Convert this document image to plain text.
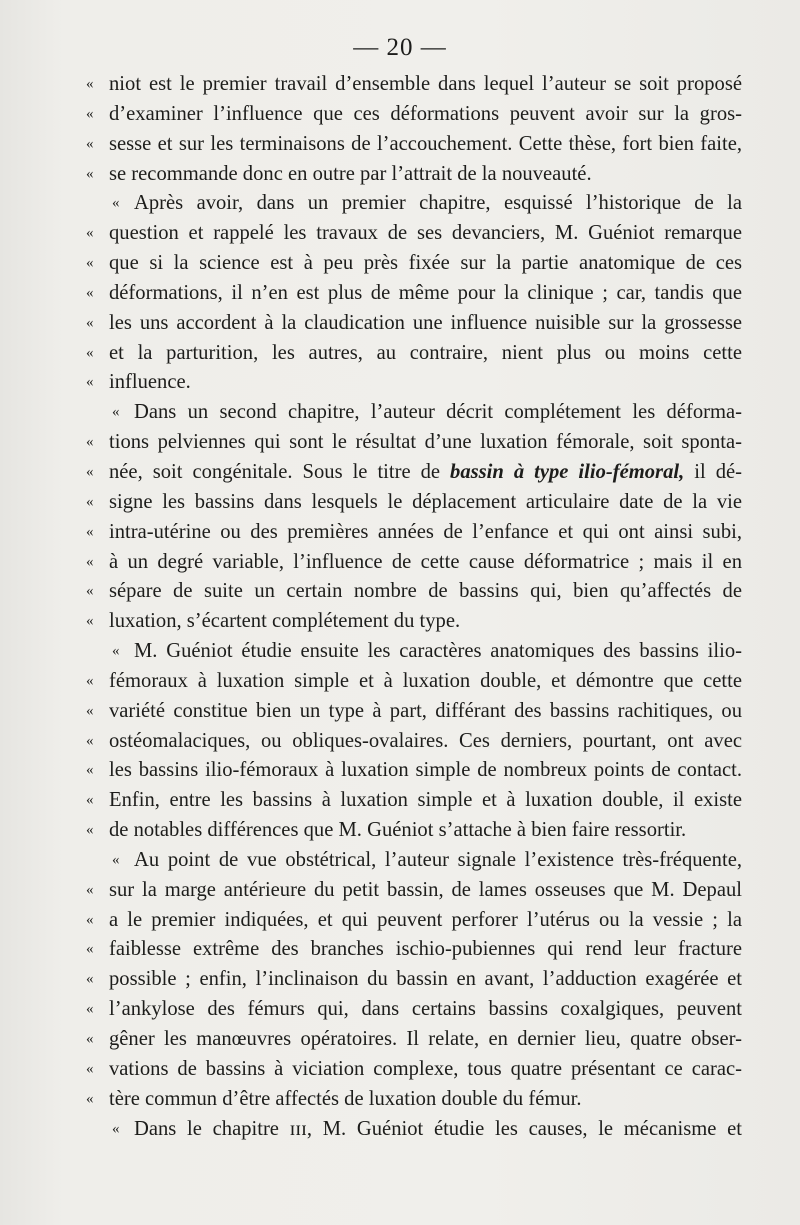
— 20 —
« niot est le premier travail d’ensemble dans lequel l’auteur se soit proposé
« d’examiner l’influence que ces déformations peuvent avoir sur la gros-
« sesse et sur les terminaisons de l’accouchement. Cette thèse, fort bien faite,
« se recommande donc en outre par l’attrait de la nouveauté.
« Après avoir, dans un premier chapitre, esquissé l’historique de la
« question et rappelé les travaux de ses devanciers, M. Guéniot remarque
« que si la science est à peu près fixée sur la partie anatomique de ces
« déformations, il n’en est plus de même pour la clinique ; car, tandis que
« les uns accordent à la claudication une influence nuisible sur la grossesse
« et la parturition, les autres, au contraire, nient plus ou moins cette
« influence.
« Dans un second chapitre, l’auteur décrit complétement les déforma-
« tions pelviennes qui sont le résultat d’une luxation fémorale, soit sponta-
« née, soit congénitale. Sous le titre de bassin à type ilio-fémoral, il dé-
« signe les bassins dans lesquels le déplacement articulaire date de la vie
« intra-utérine ou des premières années de l’enfance et qui ont ainsi subi,
« à un degré variable, l’influence de cette cause déformatrice ; mais il en
« sépare de suite un certain nombre de bassins qui, bien qu’affectés de
« luxation, s’écartent complétement du type.
« M. Guéniot étudie ensuite les caractères anatomiques des bassins ilio-
« fémoraux à luxation simple et à luxation double, et démontre que cette
« variété constitue bien un type à part, différant des bassins rachitiques, ou
« ostéomalaciques, ou obliques-ovalaires. Ces derniers, pourtant, ont avec
« les bassins ilio-fémoraux à luxation simple de nombreux points de contact.
« Enfin, entre les bassins à luxation simple et à luxation double, il existe
« de notables différences que M. Guéniot s’attache à bien faire ressortir.
« Au point de vue obstétrical, l’auteur signale l’existence très-fréquente,
« sur la marge antérieure du petit bassin, de lames osseuses que M. Depaul
« a le premier indiquées, et qui peuvent perforer l’utérus ou la vessie ; la
« faiblesse extrême des branches ischio-pubiennes qui rend leur fracture
« possible ; enfin, l’inclinaison du bassin en avant, l’adduction exagérée et
« l’ankylose des fémurs qui, dans certains bassins coxalgiques, peuvent
« gêner les manœuvres opératoires. Il relate, en dernier lieu, quatre obser-
« vations de bassins à viciation complexe, tous quatre présentant ce carac-
« tère commun d’être affectés de luxation double du fémur.
« Dans le chapitre ɪɪɪ, M. Guéniot étudie les causes, le mécanisme et
